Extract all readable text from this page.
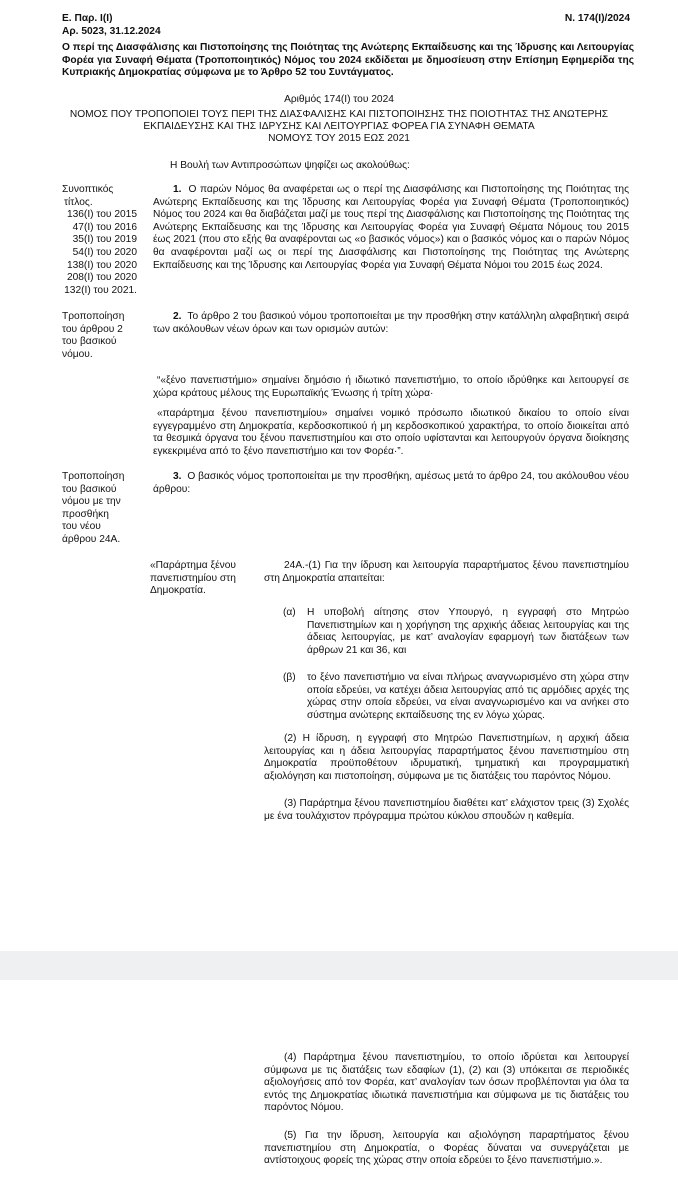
Ε. Παρ. Ι(Ι)
Αρ. 5023, 31.12.2024
Ν. 174(Ι)/2024

Ο περί της Διασφάλισης και Πιστοποίησης της Ποιότητας της Ανώτερης Εκπαίδευσης και της Ίδρυσης και Λειτουργίας Φορέα για Συναφή Θέματα (Τροποποιητικός) Νόμος του 2024 εκδίδεται με δημοσίευση στην Επίσημη Εφημερίδα της Κυπριακής Δημοκρατίας σύμφωνα με το Άρθρο 52 του Συντάγματος.

Αριθμός 174(Ι) του 2024
ΝΟΜΟΣ ΠΟΥ ΤΡΟΠΟΠΟΙΕΙ ΤΟΥΣ ΠΕΡΙ ΤΗΣ ΔΙΑΣΦΑΛΙΣΗΣ ΚΑΙ ΠΙΣΤΟΠΟΙΗΣΗΣ ΤΗΣ ΠΟΙΟΤΗΤΑΣ ΤΗΣ ΑΝΩΤΕΡΗΣ
ΕΚΠΑΙΔΕΥΣΗΣ ΚΑΙ ΤΗΣ ΙΔΡΥΣΗΣ ΚΑΙ ΛΕΙΤΟΥΡΓΙΑΣ ΦΟΡΕΑ ΓΙΑ ΣΥΝΑΦΗ ΘΕΜΑΤΑ
ΝΟΜΟΥΣ ΤΟΥ 2015 ΕΩΣ 2021
Η Βουλή των Αντιπροσώπων ψηφίζει ως ακολούθως:
Συνοπτικός
τίτλος.
136(Ι) του 2015
47(Ι) του 2016
35(Ι) του 2019
54(Ι) του 2020
138(Ι) του 2020
208(Ι) του 2020
132(Ι) του 2021.

1. Ο παρών Νόμος θα αναφέρεται ως ο περί της Διασφάλισης και Πιστοποίησης της Ποιότητας της Ανώτερης Εκπαίδευσης και της Ίδρυσης και Λειτουργίας Φορέα για Συναφή Θέματα (Τροποποιητικός) Νόμος του 2024 και θα διαβάζεται μαζί με τους περί της Διασφάλισης και Πιστοποίησης της Ποιότητας της Ανώτερης Εκπαίδευσης και της Ίδρυσης και Λειτουργίας Φορέα για Συναφή Θέματα Νόμους του 2015 έως 2021 (που στο εξής θα αναφέρονται ως «ο βασικός νόμος») και ο βασικός νόμος και ο παρών Νόμος θα αναφέρονται μαζί ως οι περί της Διασφάλισης και Πιστοποίησης της Ποιότητας της Ανώτερης Εκπαίδευσης και της Ίδρυσης και Λειτουργίας Φορέα για Συναφή Θέματα Νόμοι του 2015 έως 2024.

Τροποποίηση
του άρθρου 2
του βασικού
νόμου.

2. Το άρθρο 2 του βασικού νόμου τροποποιείται με την προσθήκη στην κατάλληλη αλφαβητική σειρά των ακόλουθων νέων όρων και των ορισμών αυτών:

“«ξένο πανεπιστήμιο» σημαίνει δημόσιο ή ιδιωτικό πανεπιστήμιο, το οποίο ιδρύθηκε και λειτουργεί σε χώρα κράτους μέλους της Ευρωπαϊκής Ένωσης ή τρίτη χώρα·

«παράρτημα ξένου πανεπιστημίου» σημαίνει νομικό πρόσωπο ιδιωτικού δικαίου το οποίο είναι εγγεγραμμένο στη Δημοκρατία, κερδοσκοπικού ή μη κερδοσκοπικού χαρακτήρα, το οποίο διοικείται από τα θεσμικά όργανα του ξένου πανεπιστημίου και στο οποίο υφίστανται και λειτουργούν όργανα διοίκησης εγκεκριμένα από το ξένο πανεπιστήμιο και τον Φορέα·”.

Τροποποίηση
του βασικού
νόμου με την
προσθήκη
του νέου
άρθρου 24Α.

3. Ο βασικός νόμος τροποποιείται με την προσθήκη, αμέσως μετά το άρθρο 24, του ακόλουθου νέου άρθρου:

«Παράρτημα ξένου
πανεπιστημίου στη
Δημοκρατία.

24Α.-(1) Για την ίδρυση και λειτουργία παραρτήματος ξένου πανεπιστημίου στη Δημοκρατία απαιτείται:

(α) Η υποβολή αίτησης στον Υπουργό, η εγγραφή στο Μητρώο Πανεπιστημίων και η χορήγηση της αρχικής άδειας λειτουργίας και της άδειας λειτουργίας, με κατ’ αναλογίαν εφαρμογή των διατάξεων των άρθρων 21 και 36, και

(β) το ξένο πανεπιστήμιο να είναι πλήρως αναγνωρισμένο στη χώρα στην οποία εδρεύει, να κατέχει άδεια λειτουργίας από τις αρμόδιες αρχές της χώρας στην οποία εδρεύει, να είναι αναγνωρισμένο και να ανήκει στο σύστημα ανώτερης εκπαίδευσης της εν λόγω χώρας.

(2) Η ίδρυση, η εγγραφή στο Μητρώο Πανεπιστημίων, η αρχική άδεια λειτουργίας και η άδεια λειτουργίας παραρτήματος ξένου πανεπιστημίου στη Δημοκρατία προϋποθέτουν ιδρυματική, τμηματική και προγραμματική αξιολόγηση και πιστοποίηση, σύμφωνα με τις διατάξεις του παρόντος Νόμου.

(3) Παράρτημα ξένου πανεπιστημίου διαθέτει κατ’ ελάχιστον τρεις (3) Σχολές με ένα τουλάχιστον πρόγραμμα πρώτου κύκλου σπουδών η καθεμία.

(4) Παράρτημα ξένου πανεπιστημίου, το οποίο ιδρύεται και λειτουργεί σύμφωνα με τις διατάξεις των εδαφίων (1), (2) και (3) υπόκειται σε περιοδικές αξιολογήσεις από τον Φορέα, κατ’ αναλογίαν των όσων προβλέπονται για όλα τα εντός της Δημοκρατίας ιδιωτικά πανεπιστήμια και σύμφωνα με τις διατάξεις του παρόντος Νόμου.

(5) Για την ίδρυση, λειτουργία και αξιολόγηση παραρτήματος ξένου πανεπιστημίου στη Δημοκρατία, ο Φορέας δύναται να συνεργάζεται με αντίστοιχους φορείς της χώρας στην οποία εδρεύει το ξένο πανεπιστήμιο.».
